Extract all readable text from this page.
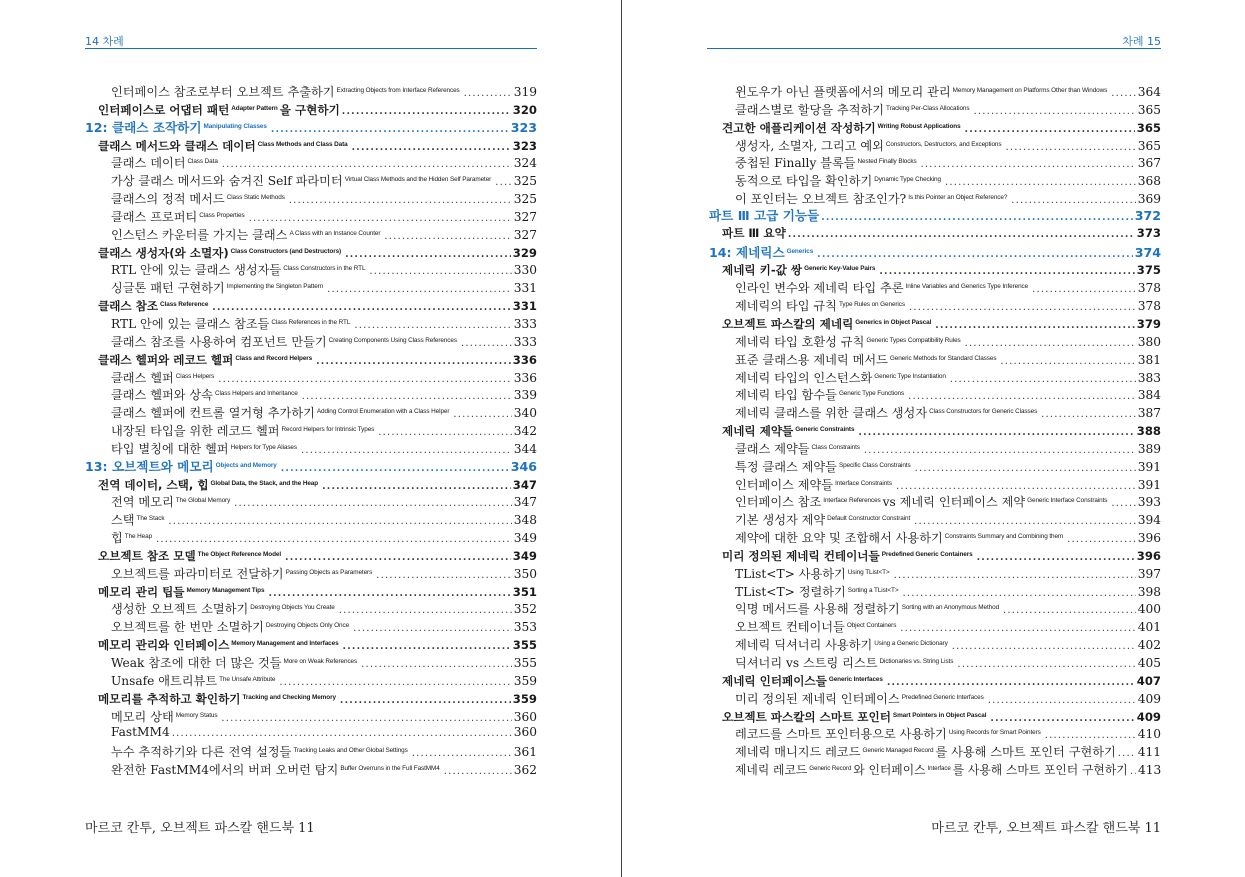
14 차례
인터페이스 참조로부터 오브젝트 추출하기 $^{Extracting Objects from Interface References}$ .....	319
인터페이스로 어댑터 패턴 $^{Adapter Pattern}$ 을 구현하기 .....	320
12: 클래스 조작하기 $^{Manipulating Classes}$ .....	323
클래스 메서드와 클래스 데이터 $^{Class Methods and Class Data}$ .....	323
클래스 데이터 $^{Class Data}$ .....	324
가상 클래스 메서드와 숨겨진 Self 파라미터 $^{Virtual Class Methods and the Hidden Self Parameter}$ ..... 325
클래스의 정적 메서드 $^{Class Static Methods}$ .....	325
클래스 프로퍼티 $^{Class Properties}$ .....	327
인스턴스 카운터를 가지는 클래스 $^{A Class with an Instance Counter}$ .....	327
클래스 생성자(와 소멸자) $^{Class Constructors (and Destructors)}$ .....	329
RTL 안에 있는 클래스 생성자들 $^{Class Constructors in the RTL}$ .....	330
싱글톤 패턴 구현하기 $^{Implementing the Singleton Pattern}$ .....	331
클래스 참조 $^{Class Reference}$ .....	331
RTL 안에 있는 클래스 참조들 $^{Class References in the RTL}$ .....	333
클래스 참조를 사용하여 컴포넌트 만들기 $^{Creating Components Using Class References}$ .....	333
클래스 헬퍼와 레코드 헬퍼 $^{Class and Record Helpers}$ .....	336
클래스 헬퍼 $^{Class Helpers}$ .....	336
클래스 헬퍼와 상속 $^{Class Helpers and Inheritance}$ .....	339
클래스 헬퍼에 컨트롤 열거형 추가하기 $^{Adding Control Enumeration with a Class Helper}$ .....	340
내장된 타입을 위한 레코드 헬퍼 $^{Record Helpers for Intrinsic Types}$ .....	342
타입 별칭에 대한 헬퍼 $^{Helpers for Type Aliases}$ .....	344
13: 오브젝트와 메모리 $^{Objects and Memory}$ .....	346
전역 데이터, 스택, 힙 $^{Global Data, the Stack, and the Heap}$ .....	347
전역 메모리 $^{The Global Memory}$ .....	347
스택 $^{The Stack}$ .....	348
힙 $^{The Heap}$ .....	349
오브젝트 참조 모델 $^{The Object Reference Model}$ .....	349
오브젝트를 파라미터로 전달하기 $^{Passing Objects as Parameters}$ .....	350
메모리 관리 팁들 $^{Memory Management Tips}$ .....	351
생성한 오브젝트 소멸하기 $^{Destroying Objects You Create}$ .....	352
오브젝트를 한 번만 소멸하기 $^{Destroying Objects Only Once}$ .....	353
메모리 관리와 인터페이스 $^{Memory Management and Interfaces}$ .....	355
Weak 참조에 대한 더 많은 것들 $^{More on Weak References}$ .....	355
Unsafe 애트리뷰트 $^{The Unsafe Attribute}$ .....	359
메모리를 추적하고 확인하기 $^{Tracking and Checking Memory}$ .....	359
메모리 상태 $^{Memory Status}$ .....	360
FastMM4 .....	360
누수 추적하기와 다른 전역 설정들 $^{Tracking Leaks and Other Global Settings}$ .....	361
완전한 FastMM4에서의 버퍼 오버런 탐지 $^{Buffer Overruns in the Full FastMM4}$ .....	362
마르코 칸투, 오브젝트 파스칼 핸드북 11
차례 15
윈도우가 아닌 플랫폼에서의 메모리 관리 $^{Memory Management on Platforms Other than Windows}$ .....	364
클래스별로 할당을 추적하기 $^{Tracking Per-Class Allocations}$ .....	365
견고한 애플리케이션 작성하기 $^{Writing Robust Applications}$ .....	365
생성자, 소멸자, 그리고 예외 $^{Constructors, Destructors, and Exceptions}$ .....	365
중첩된 Finally 블록들 $^{Nested Finally Blocks}$ .....	367
동적으로 타입을 확인하기 $^{Dynamic Type Checking}$ .....	368
이 포인터는 오브젝트 참조인가? $^{Is this Pointer an Object Reference?}$ .....	369
파트 Ⅲ 고급 기능들 .....	372
파트 Ⅲ 요약 .....	373
14: 제네릭스 $^{Generics}$ .....	374
제네릭 키-값 쌍 $^{Generic Key-Value Pairs}$ .....	375
인라인 변수와 제네릭 타입 추론 $^{Inline Variables and Generics Type Inference}$ .....	378
제네릭의 타입 규칙 $^{Type Rules on Generics}$ .....	378
오브젝트 파스칼의 제네릭 $^{Generics in Object Pascal}$ .....	379
제네릭 타입 호환성 규칙 $^{Generic Types Compatibility Rules}$ .....	380
표준 클래스용 제네릭 메서드 $^{Generic Methods for Standard Classes}$ .....	381
제네릭 타입의 인스턴스화 $^{Generic Type Instantiation}$ .....	383
제네릭 타입 함수들 $^{Generic Type Functions}$ .....	384
제네릭 클래스를 위한 클래스 생성자 $^{Class Constructors for Generic Classes}$ .....	387
제네릭 제약들 $^{Generic Constraints}$ .....	388
클래스 제약들 $^{Class Constraints}$ .....	389
특정 클래스 제약들 $^{Specific Class Constraints}$ .....	391
인터페이스 제약들 $^{Interface Constraints}$ .....	391
인터페이스 참조 $^{Interface References}$ vs 제네릭 인터페이스 제약 $^{Generic Interface Constraints}$ ..... 393
기본 생성자 제약 $^{Default Constructor Constraint}$ .....	394
제약에 대한 요약 및 조합해서 사용하기 $^{Constraints Summary and Combining them}$ .....	396
미리 정의된 제네릭 컨테이너들 $^{Predefined Generic Containers}$ .....	396
TList<T> 사용하기 $^{Using TList<T>}$ .....	397
TList<T> 정렬하기 $^{Sorting a TList<T>}$ .....	398
익명 메서드를 사용해 정렬하기 $^{Sorting with an Anonymous Method}$ .....	400
오브젝트 컨테이너들 $^{Object Containers}$ .....	401
제네릭 딕셔너리 사용하기 $^{Using a Generic Dictionary}$ .....	402
딕셔너리 vs 스트링 리스트 $^{Dictionaries vs. String Lists}$ .....	405
제네릭 인터페이스들 $^{Generic Interfaces}$ .....	407
미리 정의된 제네릭 인터페이스 $^{Predefined Generic Interfaces}$ .....	409
오브젝트 파스칼의 스마트 포인터 $^{Smart Pointers in Object Pascal}$ .....	409
레코드를 스마트 포인터용으로 사용하기 $^{Using Records for Smart Pointers}$ .....	410
제네릭 매니지드 레코드 $^{Generic Managed Record}$ 를 사용해 스마트 포인터 구현하기 ..... 411
제네릭 레코드 $^{Generic Record}$ 와 인터페이스 $^{Interface}$ 를 사용해 스마트 포인터 구현하기 ..... 413
마르코 칸투, 오브젝트 파스칼 핸드북 11
